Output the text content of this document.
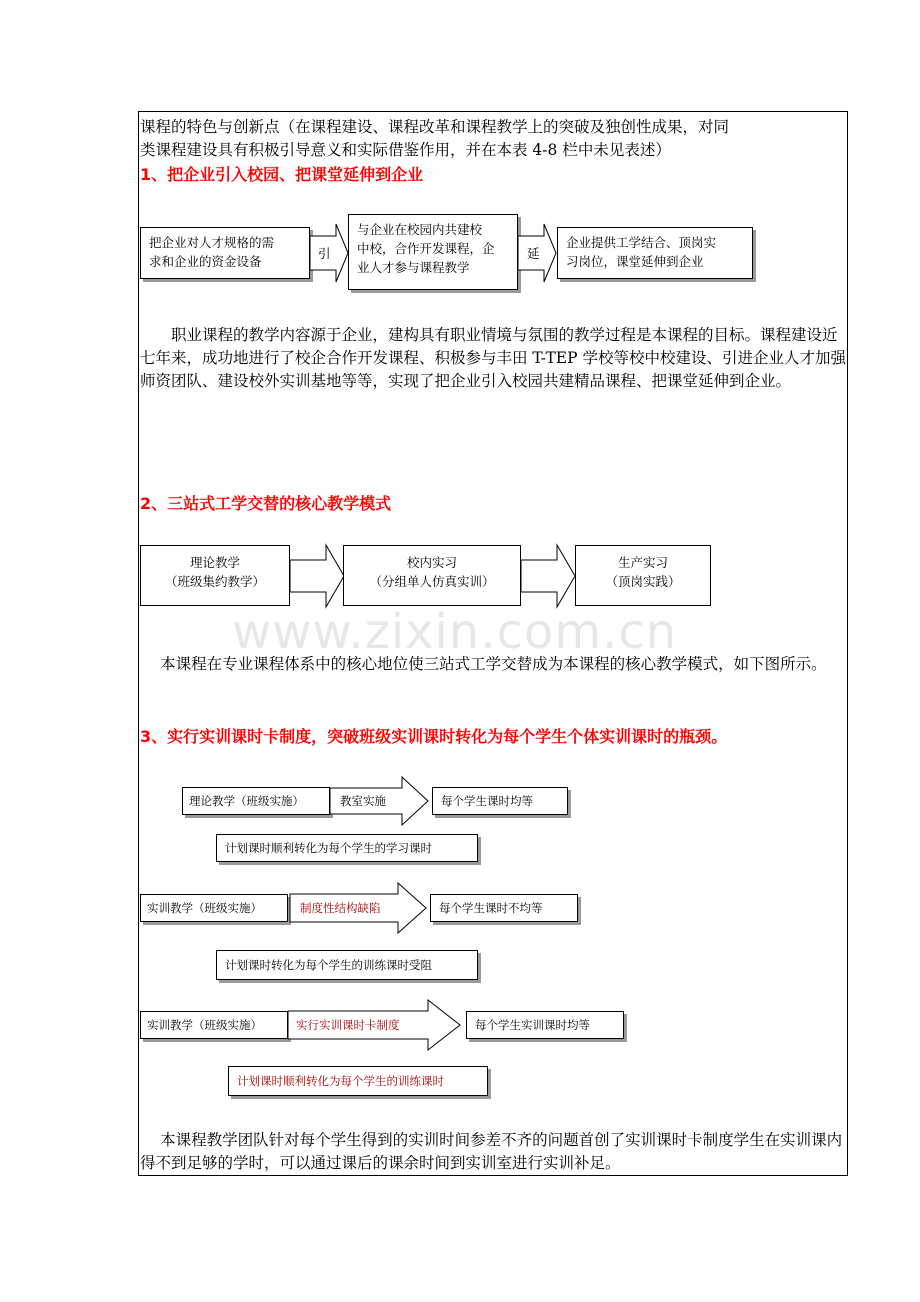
课程的特色与创新点（在课程建设、课程改革和课程教学上的突破及独创性成果，对同
类课程建设具有积极引导意义和实际借鉴作用，并在本表 4-8 栏中未见表述）
1、把企业引入校园、把课堂延伸到企业
把企业对人才规格的需
求和企业的资金设备
引
与企业在校园内共建校
中校，合作开发课程，企
业人才参与课程教学
延
企业提供工学结合、顶岗实
习岗位，课堂延伸到企业
职业课程的教学内容源于企业，建构具有职业情境与氛围的教学过程是本课程的目标。课程建设近七年来，成功地进行了校企合作开发课程、积极参与丰田 T-TEP 学校等校中校建设、引进企业人才加强师资团队、建设校外实训基地等等，实现了把企业引入校园共建精品课程、把课堂延伸到企业。
2、三站式工学交替的核心教学模式
理论教学
（班级集约教学）
校内实习
（分组单人仿真实训）
生产实习
（顶岗实践）
www.zixin.com.cn
本课程在专业课程体系中的核心地位使三站式工学交替成为本课程的核心教学模式，如下图所示。
3、实行实训课时卡制度，突破班级实训课时转化为每个学生个体实训课时的瓶颈。
理论教学（班级实施）	教室实施	每个学生课时均等
计划课时顺利转化为每个学生的学习课时
实训教学（班级实施）	制度性结构缺陷	每个学生课时不均等
计划课时转化为每个学生的训练课时受阻
实训教学（班级实施）	实行实训课时卡制度	每个学生实训课时均等
计划课时顺利转化为每个学生的训练课时
本课程教学团队针对每个学生得到的实训时间参差不齐的问题首创了实训课时卡制度学生在实训课内得不到足够的学时，可以通过课后的课余时间到实训室进行实训补足。
